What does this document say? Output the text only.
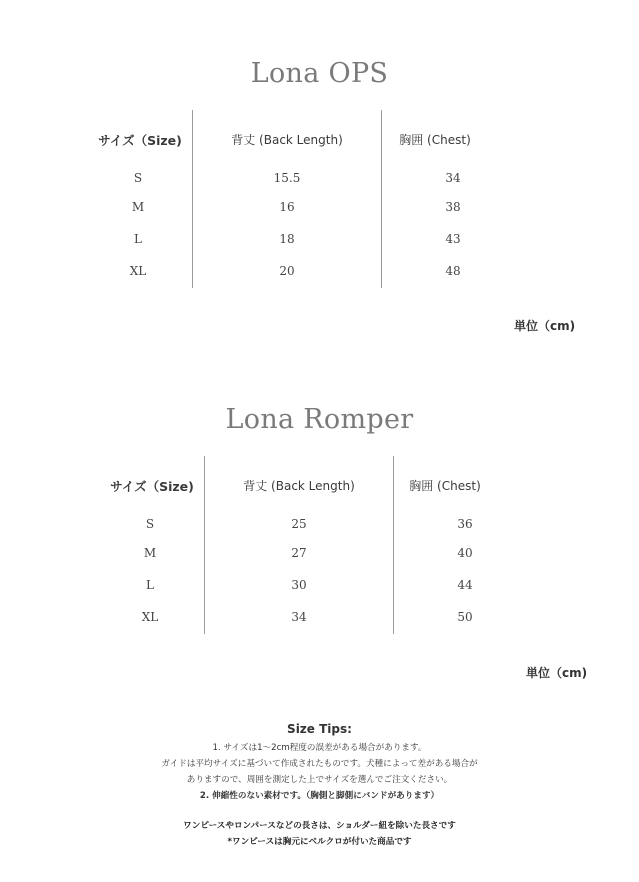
Lona OPS
サイズ（Size)	背丈 (Back Length)	胸囲 (Chest)
S	15.5	34
M	16	38
L	18	43
XL	20	48
単位（cm)
Lona Romper
サイズ（Size)	背丈 (Back Length)	胸囲 (Chest)
S	25	36
M	27	40
L	30	44
XL	34	50
単位（cm)
Size Tips:
1. サイズは1～2cm程度の誤差がある場合があります。
ガイドは平均サイズに基づいて作成されたものです。犬種によって差がある場合が
ありますので、周囲を測定した上でサイズを選んでご注文ください。
2. 伸縮性のない素材です。（胸側と脚側にバンドがあります）
ワンピースやロンパースなどの長さは、ショルダー紐を除いた長さです
*ワンピースは胸元にベルクロが付いた商品です
